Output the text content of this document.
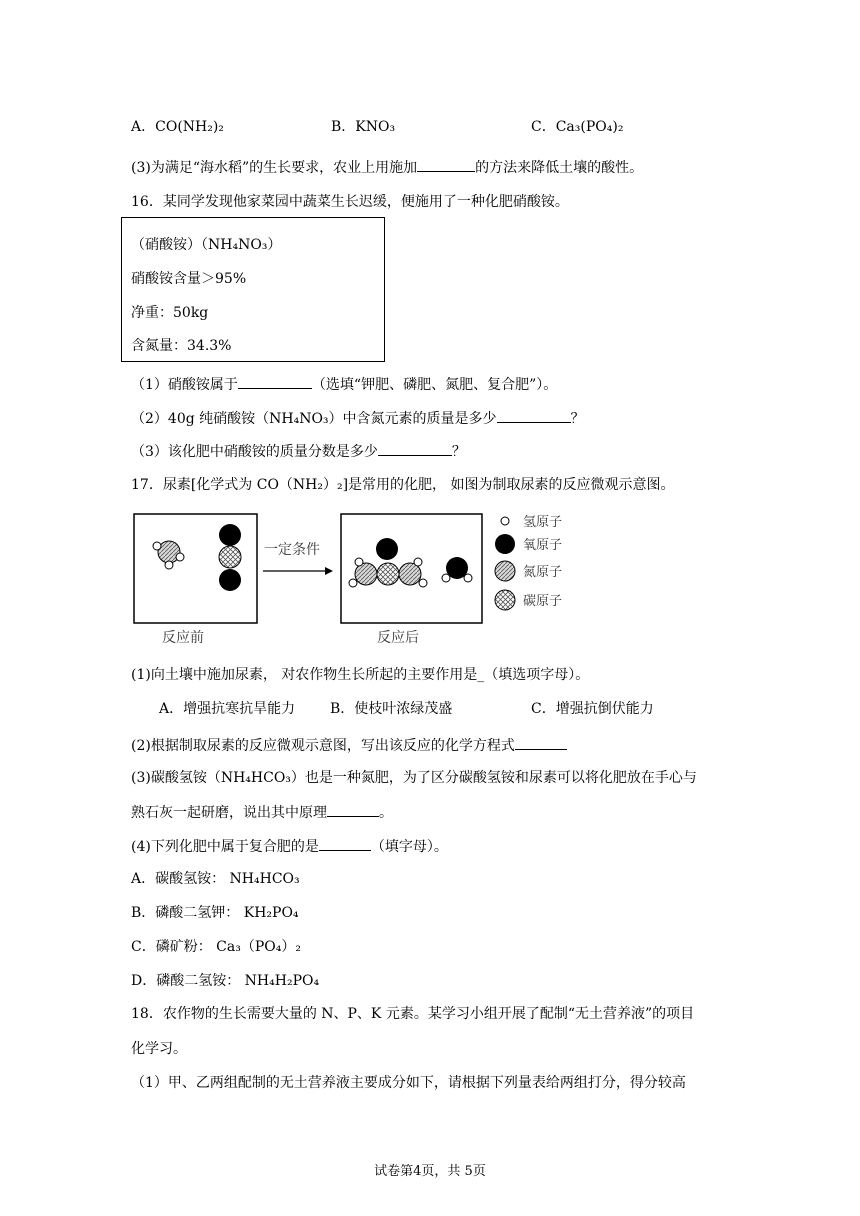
A．CO(NH₂)₂	B．KNO₃	C．Ca₃(PO₄)₂
(3)为满足“海水稻”的生长要求，农业上用施加	的方法来降低土壤的酸性。
16．某同学发现他家菜园中蔬菜生长迟缓，便施用了一种化肥硝酸铵。
（硝酸铵）（NH₄NO₃）
硝酸铵含量＞95%
净重：50kg
含氮量：34.3%
（1）硝酸铵属于	（选填“钾肥、磷肥、氮肥、复合肥”）。
（2）40g 纯硝酸铵（NH₄NO₃）中含氮元素的质量是多少	？
（3）该化肥中硝酸铵的质量分数是多少	？
17．尿素[化学式为 CO（NH₂）₂]是常用的化肥， 如图为制取尿素的反应微观示意图。
一定条件
反应前	反应后
氢原子
氧原子
氮原子
碳原子
(1)向土壤中施加尿素， 对农作物生长所起的主要作用是_（填选项字母）。
A．增强抗寒抗旱能力 B．使枝叶浓绿茂盛	C．增强抗倒伏能力
(2)根据制取尿素的反应微观示意图，写出该反应的化学方程式
(3)碳酸氢铵（NH₄HCO₃）也是一种氮肥，为了区分碳酸氢铵和尿素可以将化肥放在手心与
熟石灰一起研磨，说出其中原理	。
(4)下列化肥中属于复合肥的是	（填字母）。
A．碳酸氢铵： NH₄HCO₃
B．磷酸二氢钾： KH₂PO₄
C．磷矿粉： Ca₃（PO₄）₂
D．磷酸二氢铵： NH₄H₂PO₄
18．农作物的生长需要大量的 N、P、K 元素。某学习小组开展了配制“无土营养液”的项目
化学习。
（1）甲、乙两组配制的无土营养液主要成分如下，请根据下列量表给两组打分，得分较高
试卷第4页，共 5页
